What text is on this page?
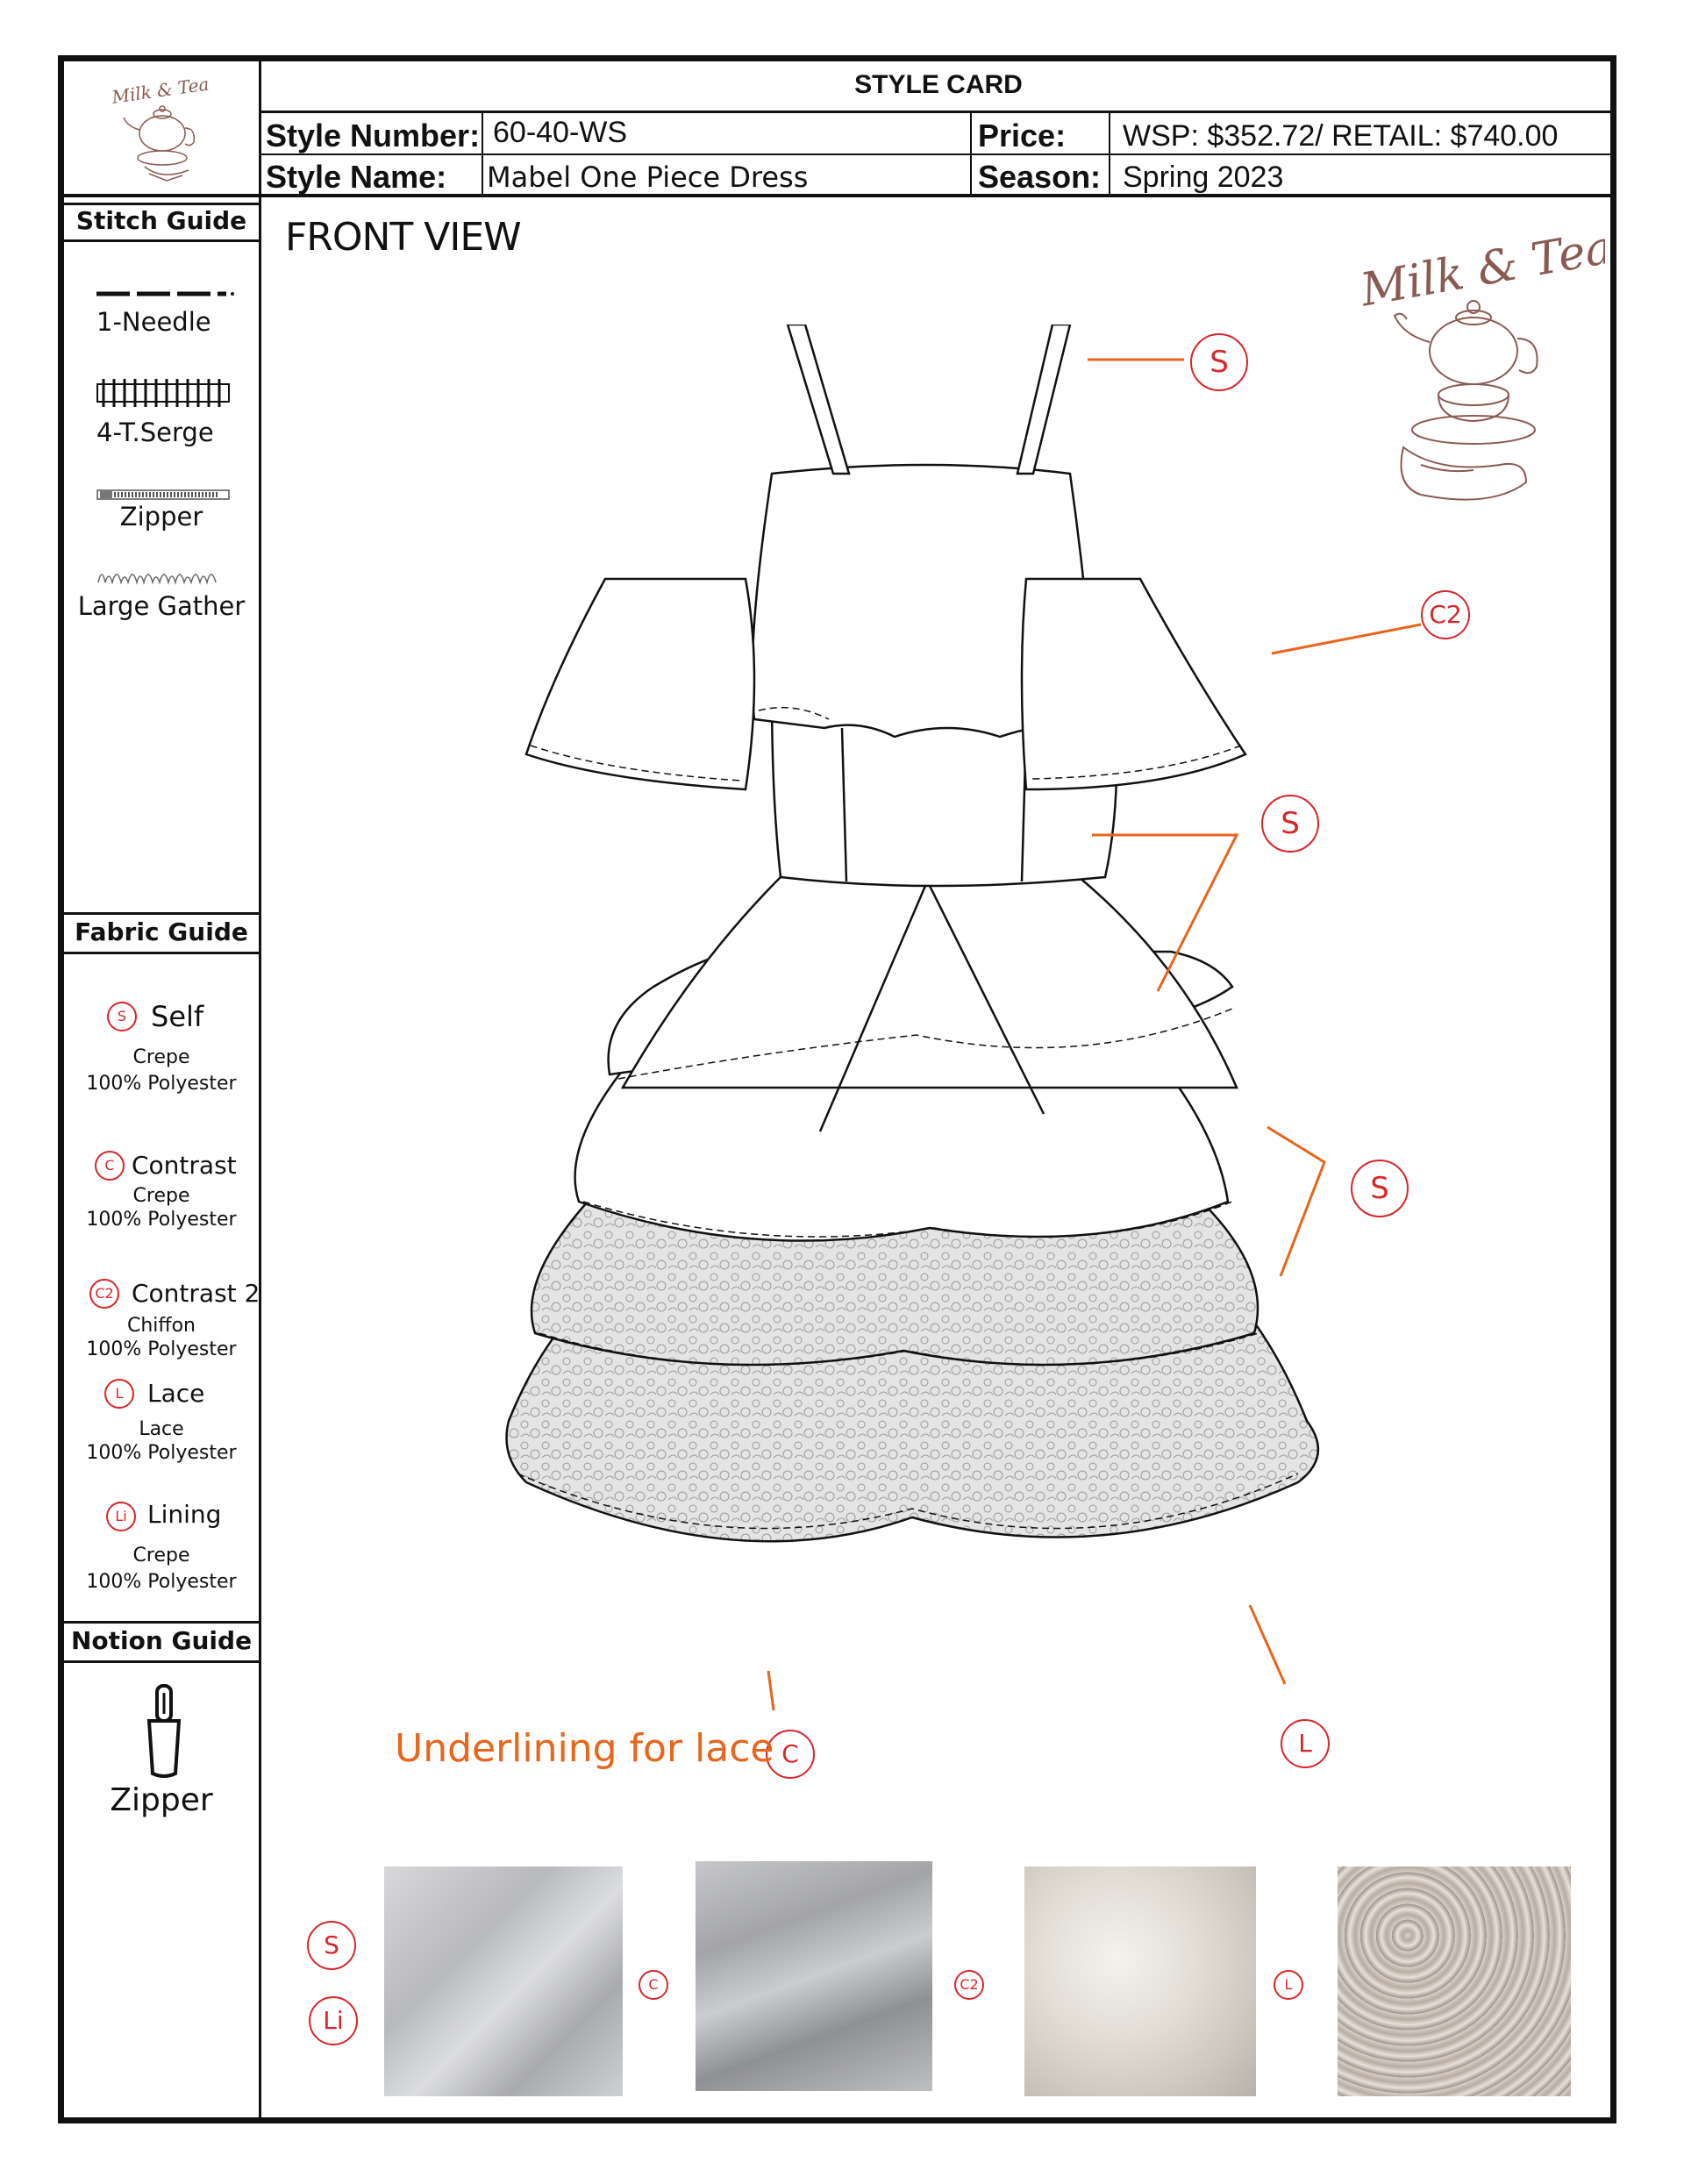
STYLE CARD
Style Number: 60-40-WS	Price: WSP: $352.72/ RETAIL: $740.00
Style Name: Mabel One Piece Dress	Season: Spring 2023
Milk & Tea
Milk & Tea
Stitch Guide
1-Needle
4-T.Serge
Zipper
Large Gather
Fabric Guide
S Self
Crepe
100% Polyester
C Contrast
Crepe
100% Polyester
C2 Contrast 2
Chiffon
100% Polyester
L Lace
Lace
100% Polyester
Li Lining
Crepe
100% Polyester
Notion Guide
Zipper
FRONT VIEW
S
C2
S
S
C	L
Underlining for lace
S
Li
C	C2	L
